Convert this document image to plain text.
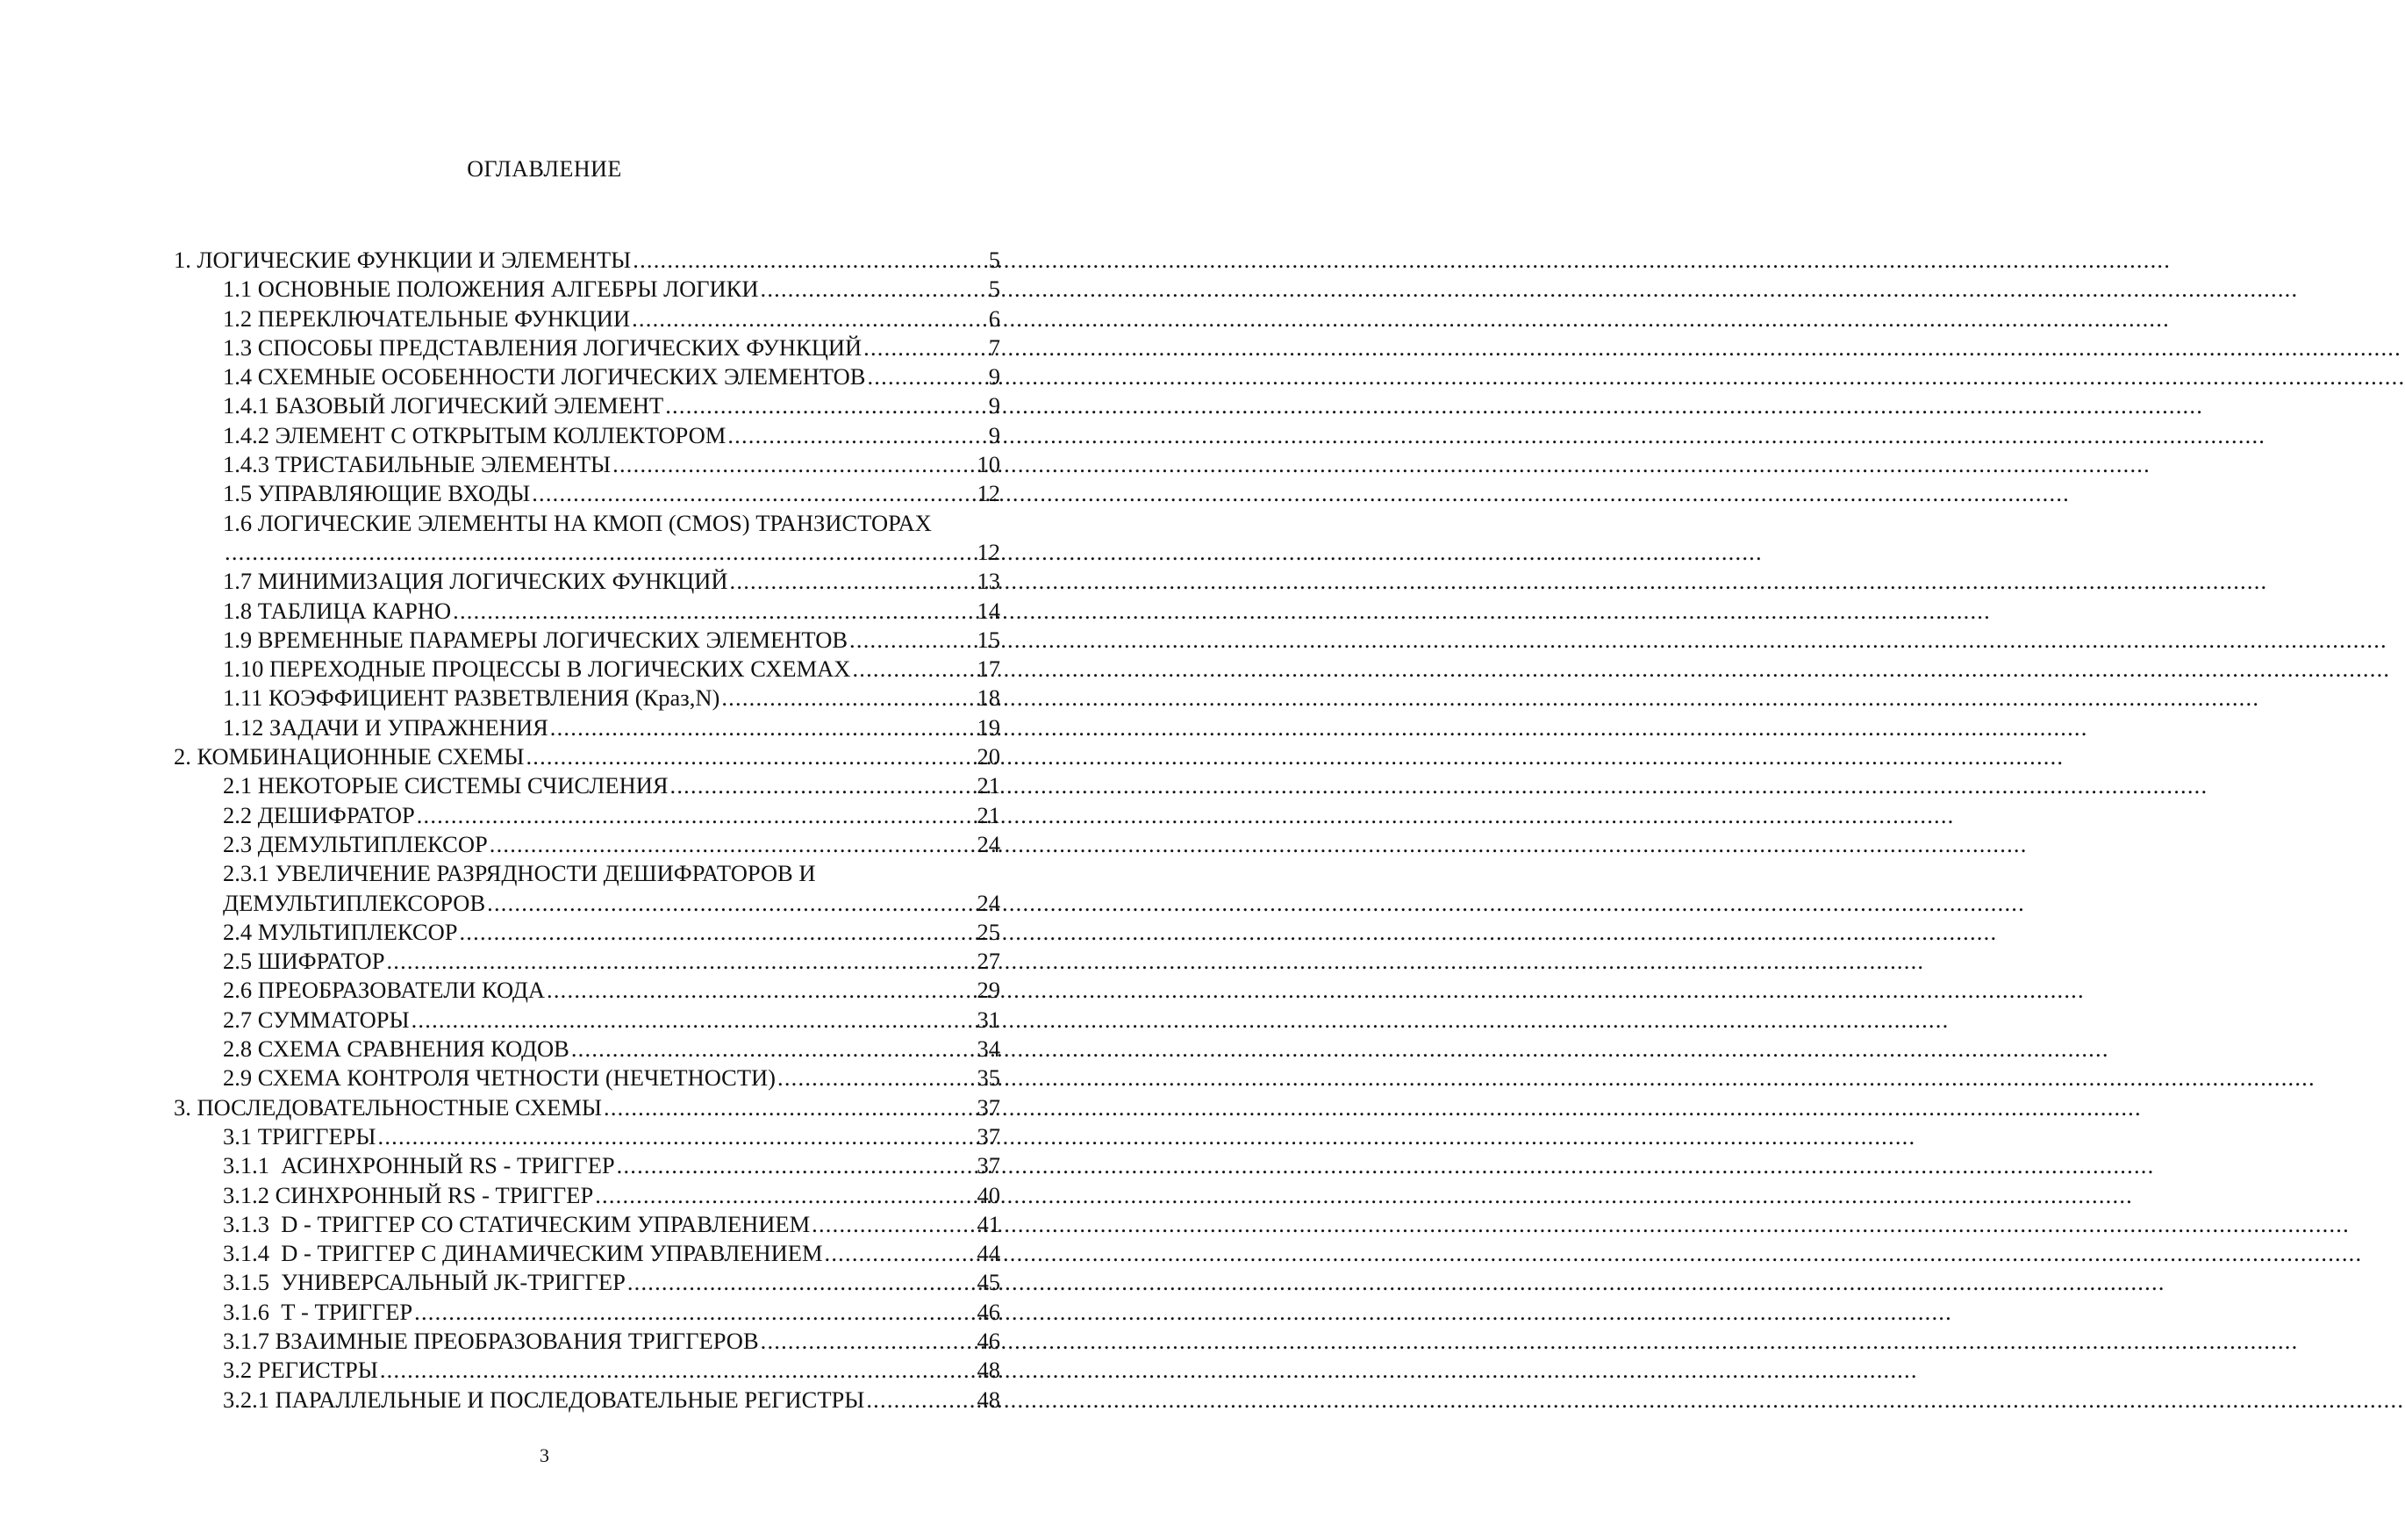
ОГЛАВЛЕНИЕ
1. ЛОГИЧЕСКИЕ ФУНКЦИИ И ЭЛЕМЕНТЫ .....	5
1.1 ОСНОВНЫЕ ПОЛОЖЕНИЯ АЛГЕБРЫ ЛОГИКИ .....	5
1.2 ПЕРЕКЛЮЧАТЕЛЬНЫЕ ФУНКЦИИ .....	6
1.3 СПОСОБЫ ПРЕДСТАВЛЕНИЯ ЛОГИЧЕСКИХ ФУНКЦИЙ .....	7
1.4 СХЕМНЫЕ ОСОБЕННОСТИ ЛОГИЧЕСКИХ ЭЛЕМЕНТОВ .....	9
1.4.1 БАЗОВЫЙ ЛОГИЧЕСКИЙ ЭЛЕМЕНТ .....	9
1.4.2 ЭЛЕМЕНТ С ОТКРЫТЫМ КОЛЛЕКТОРОМ .....	9
1.4.3 ТРИСТАБИЛЬНЫЕ ЭЛЕМЕНТЫ .....	10
1.5 УПРАВЛЯЮЩИЕ ВХОДЫ .....	12
1.6 ЛОГИЧЕСКИЕ ЭЛЕМЕНТЫ НА КМОП (CMOS) ТРАНЗИСТОРАХ
.....
12
1.7 МИНИМИЗАЦИЯ ЛОГИЧЕСКИХ ФУНКЦИЙ .....	13
1.8 ТАБЛИЦА КАРНО .....	14
1.9 ВРЕМЕННЫЕ ПАРАМЕРЫ ЛОГИЧЕСКИХ ЭЛЕМЕНТОВ .....	15
1.10 ПЕРЕХОДНЫЕ ПРОЦЕССЫ В ЛОГИЧЕСКИХ СХЕМАХ .....	17
1.11 КОЭФФИЦИЕНТ РАЗВЕТВЛЕНИЯ (Кpаз,N) .....	18
1.12 ЗАДАЧИ И УПРАЖНЕНИЯ .....	19
2. КОМБИНАЦИОННЫЕ СХЕМЫ .....	20
2.1 НЕКОТОРЫЕ СИСТЕМЫ СЧИСЛЕНИЯ .....	21
2.2 ДЕШИФРАТОР .....	21
2.3 ДЕМУЛЬТИПЛЕКСОР .....	24
2.3.1 УВЕЛИЧЕНИЕ РАЗРЯДНОСТИ ДЕШИФРАТОРОВ И
ДЕМУЛЬТИПЛЕКСОРОВ .....	24
2.4 МУЛЬТИПЛЕКСОР .....	25
2.5 ШИФРАТОР .....	27
2.6 ПРЕОБРАЗОВАТЕЛИ КОДА .....	29
2.7 СУММАТОРЫ .....	31
2.8 СХЕМА СРАВНЕНИЯ КОДОВ .....	34
2.9 СХЕМА КОНТРОЛЯ ЧЕТНОСТИ (НЕЧЕТНОСТИ) .....	35
3. ПОСЛЕДОВАТЕЛЬНОСТНЫЕ СХЕМЫ .....	37
3.1 ТРИГГЕРЫ .....	37
3.1.1  АСИНХРОННЫЙ RS - ТРИГГЕР .....	37
3.1.2 СИНХРОННЫЙ RS - ТРИГГЕР .....	40
3.1.3  D - ТРИГГЕР СО СТАТИЧЕСКИМ УПРАВЛЕНИЕМ .....	41
3.1.4  D - ТРИГГЕР С ДИНАМИЧЕСКИМ УПРАВЛЕНИЕМ .....	44
3.1.5  УНИВЕРСАЛЬНЫЙ JK-ТРИГГЕР .....	45
3.1.6  Т - ТРИГГЕР .....	46
3.1.7 ВЗАИМНЫЕ ПРЕОБРАЗОВАНИЯ ТРИГГЕРОВ .....	46
3.2 РЕГИСТРЫ .....	48
3.2.1 ПАРАЛЛЕЛЬНЫЕ И ПОСЛЕДОВАТЕЛЬНЫЕ РЕГИСТРЫ .....	48
3
